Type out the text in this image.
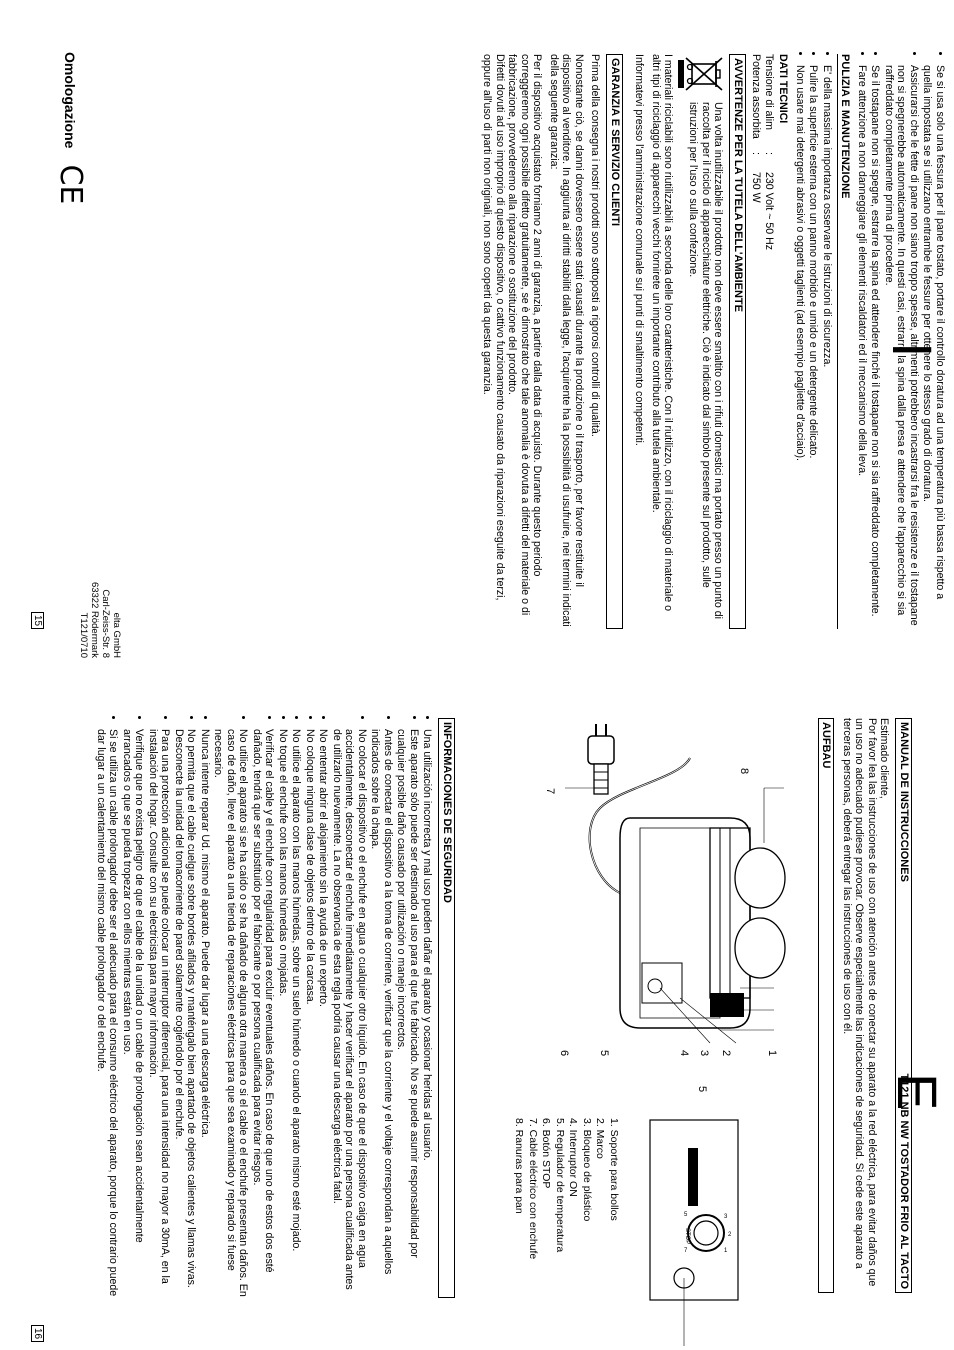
I
• Se si usa solo una fessura per il pane tostato, portare il controllo doratura ad una temperatura più bassa rispetto a quella impostata se si utilizzano entrambe le fessure per ottenere lo stesso grado di doratura.
• Assicurarsi che le fette di pane non siano troppo spesse, altrimenti potrebbero incastrarsi fra le resistenze e il tostapane non si spegnerebbe automaticamente. In questi casi, estrarre la spina dalla presa e attendere che l'apparecchio si sia raffreddato completamente prima di procedere.
• Se il tostapane non si spegne, estrarre la spina ed attendere finché il tostapane non si sia raffreddato completamente.
• Fare attenzione a non danneggiare gli elementi riscaldatori ed il meccanismo della leva.
PULIZIA E MANUTENZIONE
• E' della massima importanza osservare le istruzioni di sicurezza.
• Pulire la superficie esterna con un panno morbido e umido e un detergente delicato.
• Non usare mai detergenti abrasivi o oggetti taglienti (ad esempio pagliette d'acciaio).
DATI TECNICI
Tensione di alim
:
230 Volt ~ 50 Hz
Potenza assorbita
:
750 W
AVVERTENZE PER LA TUTELA DELL'AMBIENTE
Una volta inutilizzabile il prodotto non deve essere smaltito con i rifiuti domestici ma portato presso un punto di raccolta per il riciclo di apparecchiature elettriche. Ciò è indicato dal simbolo presente sul prodotto, sulle istruzioni per l'uso o sulla confezione.

I materiali riciclabili sono riutilizzabili a seconda delle loro caratteristiche. Con il riutilizzo, con il riciclaggio di materiale o altri tipi di riciclaggio di apparecchi vecchi fornirete un importante contributo alla tutela ambientale.

Informatevi presso l'amministrazione comunale sui punti di smaltimento competenti.

GARANZIA E SERVIZIO CLIENTI

Prima della consegna i nostri prodotti sono sottoposti a rigorosi controlli di qualità.

Nonostante ciò, se danni dovessero essere stati causati durante la produzione o il trasporto, per favore restituite il dispositivo al venditore. In aggiunta ai diritti stabiliti dalla legge, l'acquirente ha la possibilità di usufruire, nei termini indicati della seguente garanzia:

Per il dispositivo acquistato forniamo 2 anni di garanzia, a partire dalla data di acquisto. Durante questo periodo correggeremo ogni possibile difetto gratuitamente, se è dimostrato che tale anomalia è dovuta a difetti del materiale o di fabbricazione, provvederemo alla riparazione o sostituzione del prodotto.

Difetti dovuti ad uso improprio di questo dispositivo, o cattivo funzionamento causato da riparazioni eseguite da terzi, oppure all'uso di parti non originali, non sono coperti da questa garanzia.

Omologazione
CE
elta GmbH
Carl-Zeiss-Str. 8
63322 Rödermark
T121/0710
15
E
MANUAL DE INSTRUCCIONES
T121 NB NW TOSTADOR FRIO AL TACTO
Estimado cliente,

Por favor lea las instrucciones de uso con atención antes de conectar su aparato a la red eléctrica, para evitar daños que un uso no adecuado pudiese provocar. Observe especialmente las indicaciones de seguridad. Si cede este aparato a terceras personas, deberá entregar las instrucciones de uso con él.

AUFBAU
1
2
3
4
5
6
7
8
5
3
2
1
5
7
STOP
1. Soporte para bollos
2. Marco
3. Bloqueo de plástico
4. Interruptor ON
5. Regulador de temperatura
6. Botón STOP
7. Cable eléctrico con enchufe
8. Ranuras para pan
INFORMACIONES DE SEGURIDAD
• Una utilización incorrecta y mal uso pueden dañar el aparato y ocasionar heridas al usuario.
• Este aparato sólo puede ser destinado al uso para el que fue fabricado. No se puede asumir responsabilidad por cualquier posible daño causado por utilización o manejo incorrectos.
• Antes de conectar el dispositivo a la toma de corriente, verificar que la corriente y el voltaje correspondan a aquellos indicados sobre la chapa.
• No colocar el dispositivo o el enchufe en agua o cualquier otro líquido. En caso de que el dispositivo caiga en agua accidentalmente, desconectar el enchufe inmediatamente y hacer verificar el aparato por una persona cualificada antes de utilizarlo nuevamente. La no observancia de esta regla podría causar una descarga eléctrica fatal.
• No ententar abrir el alojamiento sin la ayuda de un experto.
• No coloque ninguna clase de objetos dentro de la carcasa.
• No utilice el aparato con las manos húmedas, sobre un suelo húmedo o cuando el aparato mismo esté mojado.
• No toque el enchufe con las manos húmedas o mojadas.
• Verificar el cable y el enchufe con regularidad para excluir eventuales daños. En caso de que uno de estos dos esté dañado, tendrá que ser substituido por el fabricante o por persona cualificada para evitar riesgos.
• No utilice el aparato si se ha caído o se ha dañado de alguna otra manera o si el cable o el enchufe presentan daños. En caso de daño, lleve el aparato a una tienda de reparaciones eléctricas para que sea examinado y reparado si fuese necesario.
• Nunca intente reparar Ud. mismo el aparato. Puede dar lugar a una descarga eléctrica.
• No permita que el cable cuelgue sobre bordes afilados y manténgalo bien apartado de objetos calientes y llamas vivas. Desconecte la unidad del tomacorriente de pared solamente cogiéndolo por el enchufe.
• Para una protección adicional se puede colocar un interruptor diferencial, para una intensidad no mayor a 30mA, en la instalación del hogar. Consulte con su electricista para mayor información.
• Verifique que no exista peligro de que el cable de la unidad o un cable de prolongación sean accidentalmente arrancados o que se pueda tropezar con ellos mientras están en uso.
• Si se utiliza un cable prolongador debe ser el adecuado para el consumo eléctrico del aparato, porque lo contrario puede dar lugar a un calentamiento del mismo cable prolongador o del enchufe.
16
